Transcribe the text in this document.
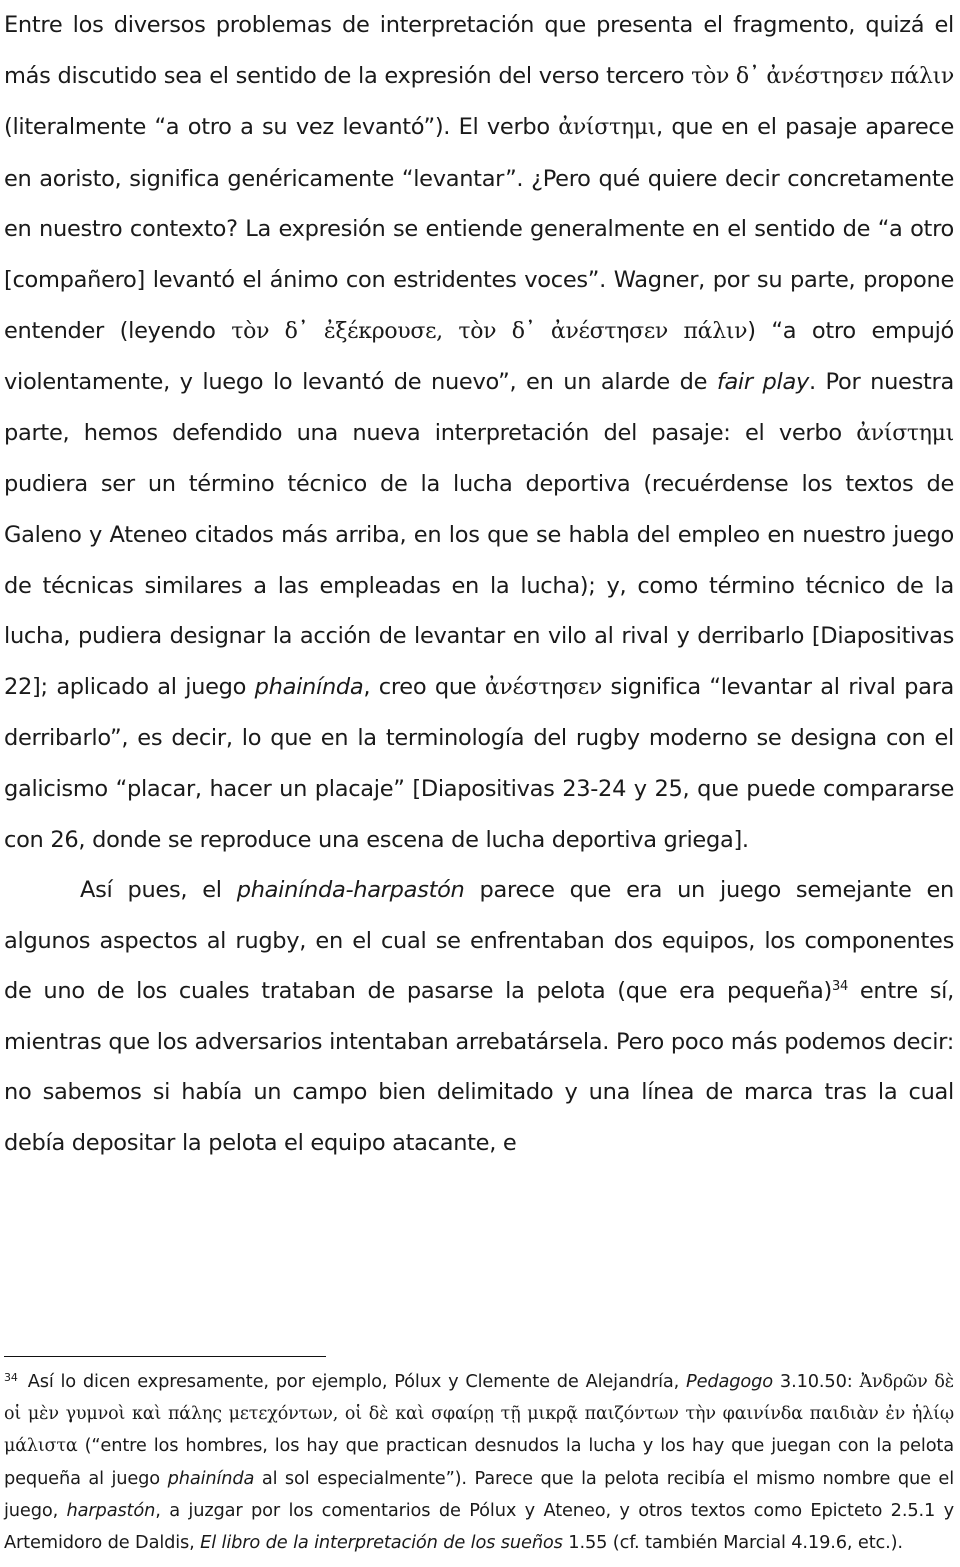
Entre los diversos problemas de interpretación que presenta el fragmento, quizá el más discutido sea el sentido de la expresión del verso tercero τὸν δ᾿ ἀνέστησεν πάλιν (literalmente “a otro a su vez levantó”). El verbo ἀνίστημι, que en el pasaje aparece en aoristo, significa genéricamente “levantar”. ¿Pero qué quiere decir concretamente en nuestro contexto? La expresión se entiende generalmente en el sentido de “a otro [compañero] levantó el ánimo con estridentes voces”. Wagner, por su parte, propone entender (leyendo τὸν δ᾿ ἐξέκρουσε, τὸν δ᾿ ἀνέστησεν πάλιν) “a otro empujó violentamente, y luego lo levantó de nuevo”, en un alarde de fair play. Por nuestra parte, hemos defendido una nueva interpretación del pasaje: el verbo ἀνίστημι pudiera ser un término técnico de la lucha deportiva (recuérdense los textos de Galeno y Ateneo citados más arriba, en los que se habla del empleo en nuestro juego de técnicas similares a las empleadas en la lucha); y, como término técnico de la lucha, pudiera designar la acción de levantar en vilo al rival y derribarlo [Diapositivas 22]; aplicado al juego phainínda, creo que ἀνέστησεν significa “levantar al rival para derribarlo”, es decir, lo que en la terminología del rugby moderno se designa con el galicismo “placar, hacer un placaje” [Diapositivas 23-24 y 25, que puede compararse con 26, donde se reproduce una escena de lucha deportiva griega].

Así pues, el phainínda-harpastón parece que era un juego semejante en algunos aspectos al rugby, en el cual se enfrentaban dos equipos, los componentes de uno de los cuales trataban de pasarse la pelota (que era pequeña)$^{34}$ entre sí, mientras que los adversarios intentaban arrebatársela. Pero poco más podemos decir: no sabemos si había un campo bien delimitado y una línea de marca tras la cual debía depositar la pelota el equipo atacante, e

$^{34}$ Así lo dicen expresamente, por ejemplo, Pólux y Clemente de Alejandría, Pedagogo 3.10.50: Ἀνδρῶν δὲ οἱ μὲν γυμνοὶ καὶ πάλης μετεχόντων, οἱ δὲ καὶ σφαίρῃ τῇ μικρᾷ παιζόντων τὴν φαινίνδα παιδιὰν ἐν ἡλίῳ μάλιστα (“entre los hombres, los hay que practican desnudos la lucha y los hay que juegan con la pelota pequeña al juego phainínda al sol especialmente”). Parece que la pelota recibía el mismo nombre que el juego, harpastón, a juzgar por los comentarios de Pólux y Ateneo, y otros textos como Epicteto 2.5.1 y Artemidoro de Daldis, El libro de la interpretación de los sueños 1.55 (cf. también Marcial 4.19.6, etc.).
